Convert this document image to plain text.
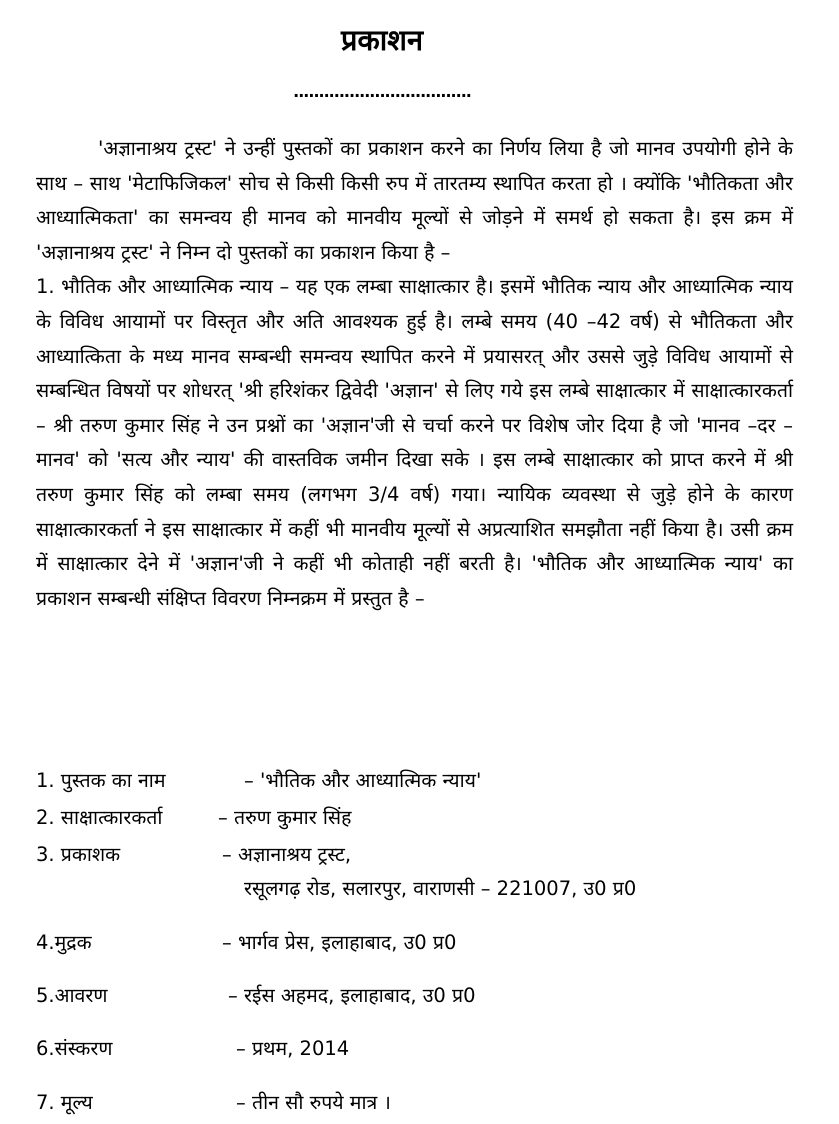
प्रकाशन
...................................

'अज्ञानाश्रय ट्रस्ट' ने उन्हीं पुस्तकों का प्रकाशन करने का निर्णय लिया है जो मानव उपयोगी होने के साथ – साथ 'मेटाफिजिकल' सोच से किसी किसी रुप में तारतम्य स्थापित करता हो । क्योंकि 'भौतिकता और आध्यात्मिकता' का समन्वय ही मानव को मानवीय मूल्यों से जोड़ने में समर्थ हो सकता है। इस क्रम में 'अज्ञानाश्रय ट्रस्ट' ने निम्न दो पुस्तकों का प्रकाशन किया है –

1. भौतिक और आध्यात्मिक न्याय – यह एक लम्बा साक्षात्कार है। इसमें भौतिक न्याय और आध्यात्मिक न्याय के विविध आयामों पर विस्तृत और अति आवश्यक हुई है। लम्बे समय (40 –42 वर्ष) से भौतिकता और आध्यात्किता के मध्य मानव सम्बन्धी समन्वय स्थापित करने में प्रयासरत् और उससे जुड़े विविध आयामों से सम्बन्धित विषयों पर शोधरत् 'श्री हरिशंकर द्विवेदी 'अज्ञान' से लिए गये इस लम्बे साक्षात्कार में साक्षात्कारकर्ता – श्री तरुण कुमार सिंह ने उन प्रश्नों का 'अज्ञान'जी से चर्चा करने पर विशेष जोर दिया है जो 'मानव –दर – मानव' को 'सत्य और न्याय' की वास्तविक जमीन दिखा सके । इस लम्बे साक्षात्कार को प्राप्त करने में श्री तरुण कुमार सिंह को लम्बा समय (लगभग 3/4 वर्ष) गया। न्यायिक व्यवस्था से जुड़े होने के कारण साक्षात्कारकर्ता ने इस साक्षात्कार में कहीं भी मानवीय मूल्यों से अप्रत्याशित समझौता नहीं किया है। उसी क्रम में साक्षात्कार देने में 'अज्ञान'जी ने कहीं भी कोताही नहीं बरती है। 'भौतिक और आध्यात्मिक न्याय' का प्रकाशन सम्बन्धी संक्षिप्त विवरण निम्नक्रम में प्रस्तुत है –

1. पुस्तक का नाम	– 'भौतिक और आध्यात्मिक न्याय'
2. साक्षात्कारकर्ता	– तरुण कुमार सिंह
3. प्रकाशक	– अज्ञानाश्रय ट्रस्ट,
रसूलगढ़ रोड, सलारपुर, वाराणसी – 221007, उ0 प्र0
4.मुद्रक	– भार्गव प्रेस, इलाहाबाद, उ0 प्र0
5.आवरण	– रईस अहमद, इलाहाबाद, उ0 प्र0
6.संस्करण	– प्रथम, 2014
7. मूल्य	– तीन सौ रुपये मात्र ।
